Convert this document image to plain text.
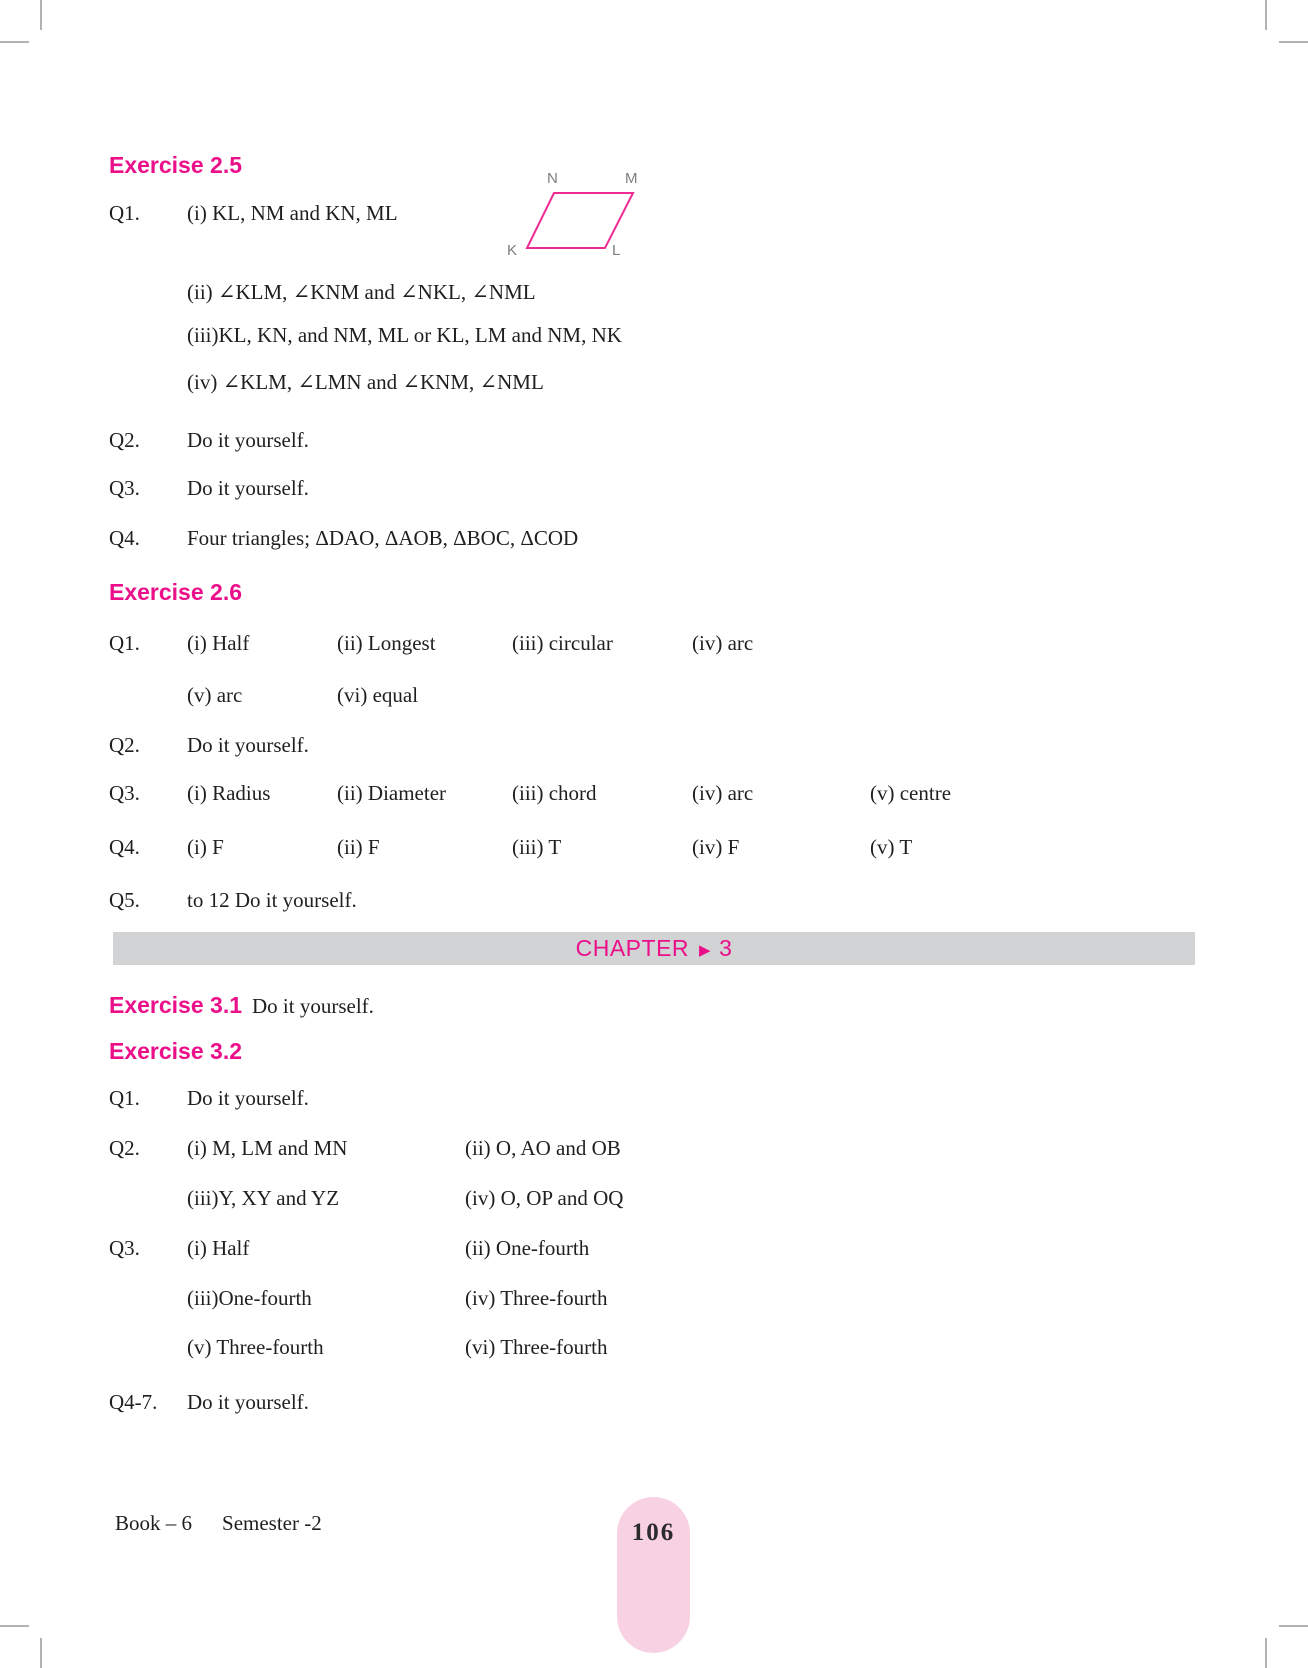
Exercise 2.5
Q1.	(i) KL, NM and KN, ML
N	M
K	L
(ii) ∠KLM, ∠KNM and ∠NKL, ∠NML
(iii)KL, KN, and NM, ML or KL, LM and NM, NK
(iv) ∠KLM, ∠LMN and ∠KNM, ∠NML
Q2.	Do it yourself.
Q3.	Do it yourself.
Q4.	Four triangles; ΔDAO, ΔAOB, ΔBOC, ΔCOD
Exercise 2.6
Q1.	(i) Half	(ii) Longest	(iii) circular	(iv) arc
(v) arc	(vi) equal
Q2.	Do it yourself.
Q3.	(i) Radius	(ii) Diameter	(iii) chord	(iv) arc	(v) centre
Q4.	(i) F	(ii) F	(iii) T	(iv) F	(v) T
Q5.	to 12 Do it yourself.
CHAPTER ▶ 3
Exercise 3.1 Do it yourself.
Exercise 3.2
Q1.	Do it yourself.
Q2.	(i) M, LM and MN	(ii) O, AO and OB
(iii)Y, XY and YZ	(iv) O, OP and OQ
Q3.	(i) Half	(ii) One-fourth
(iii)One-fourth	(iv) Three-fourth
(v) Three-fourth	(vi) Three-fourth
Q4-7.	Do it yourself.
Book – 6 Semester -2	106
